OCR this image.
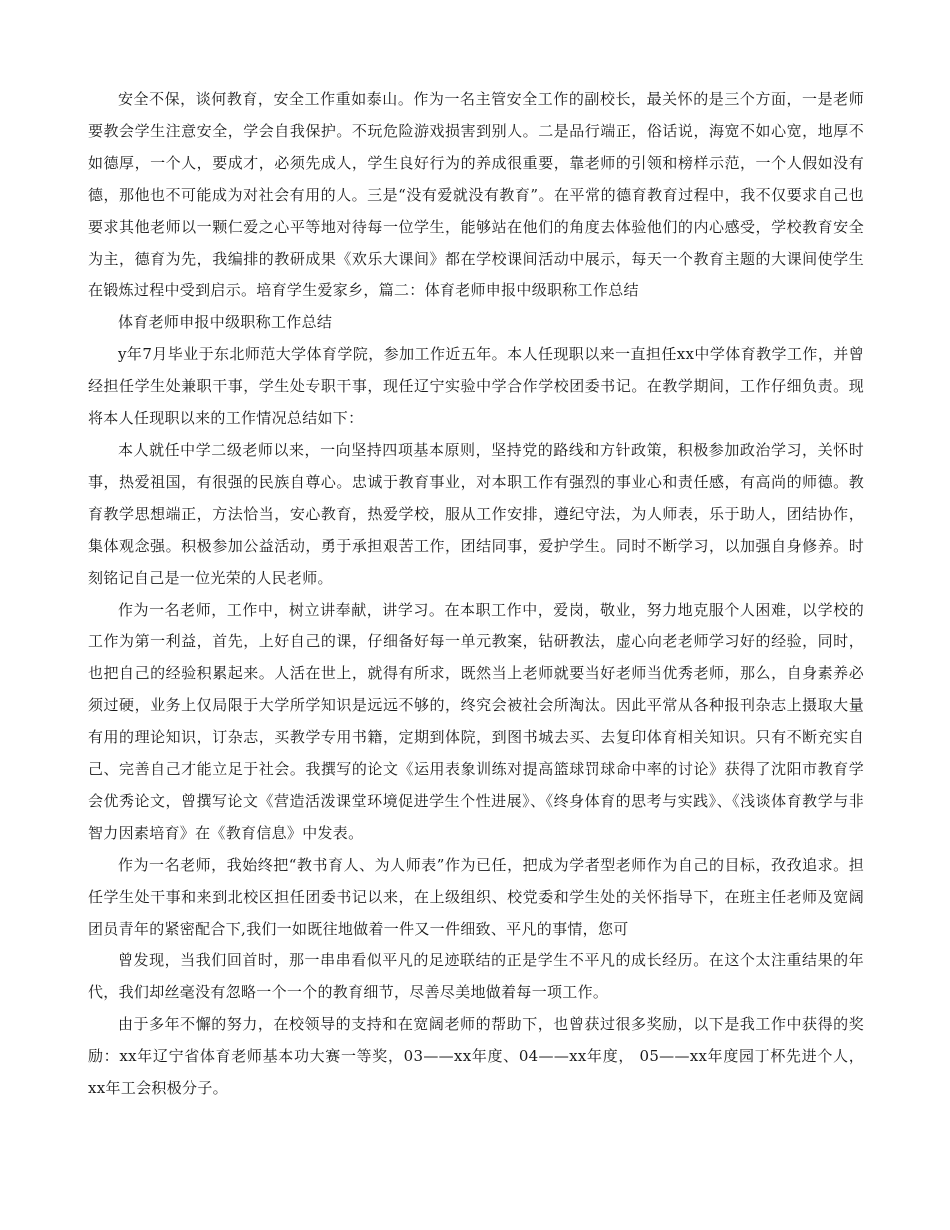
安全不保，谈何教育，安全工作重如泰山。作为一名主管安全工作的副校长，最关怀的是三个方面，一是老师要教会学生注意安全，学会自我保护。不玩危险游戏损害到别人。二是品行端正，俗话说，海宽不如心宽，地厚不如德厚，一个人，要成才，必须先成人，学生良好行为的养成很重要，靠老师的引领和榜样示范，一个人假如没有德，那他也不可能成为对社会有用的人。三是“没有爱就没有教育”。在平常的德育教育过程中，我不仅要求自己也要求其他老师以一颗仁爱之心平等地对待每一位学生，能够站在他们的角度去体验他们的内心感受，学校教育安全为主，德育为先，我编排的教研成果《欢乐大课间》都在学校课间活动中展示，每天一个教育主题的大课间使学生在锻炼过程中受到启示。培育学生爱家乡，篇二：体育老师申报中级职称工作总结

体育老师申报中级职称工作总结

y年7月毕业于东北师范大学体育学院，参加工作近五年。本人任现职以来一直担任xx中学体育教学工作，并曾经担任学生处兼职干事，学生处专职干事，现任辽宁实验中学合作学校团委书记。在教学期间，工作仔细负责。现将本人任现职以来的工作情况总结如下：

本人就任中学二级老师以来，一向坚持四项基本原则，坚持党的路线和方针政策，积极参加政治学习，关怀时事，热爱祖国，有很强的民族自尊心。忠诚于教育事业，对本职工作有强烈的事业心和责任感，有高尚的师德。教育教学思想端正，方法恰当，安心教育，热爱学校，服从工作安排，遵纪守法，为人师表，乐于助人，团结协作，集体观念强。积极参加公益活动，勇于承担艰苦工作，团结同事，爱护学生。同时不断学习，以加强自身修养。时刻铭记自己是一位光荣的人民老师。

作为一名老师，工作中，树立讲奉献，讲学习。在本职工作中，爱岗，敬业，努力地克服个人困难，以学校的工作为第一利益，首先，上好自己的课，仔细备好每一单元教案，钻研教法，虚心向老老师学习好的经验，同时，也把自己的经验积累起来。人活在世上，就得有所求，既然当上老师就要当好老师当优秀老师，那么，自身素养必须过硬，业务上仅局限于大学所学知识是远远不够的，终究会被社会所淘汰。因此平常从各种报刊杂志上摄取大量有用的理论知识，订杂志，买教学专用书籍，定期到体院，到图书城去买、去复印体育相关知识。只有不断充实自己、完善自己才能立足于社会。我撰写的论文《运用表象训练对提高篮球罚球命中率的讨论》获得了沈阳市教育学会优秀论文，曾撰写论文《营造活泼课堂环境促进学生个性进展》、《终身体育的思考与实践》、《浅谈体育教学与非智力因素培育》在《教育信息》中发表。

作为一名老师，我始终把“教书育人、为人师表”作为已任，把成为学者型老师作为自己的目标，孜孜追求。担任学生处干事和来到北校区担任团委书记以来，在上级组织、校党委和学生处的关怀指导下，在班主任老师及宽阔团员青年的紧密配合下,我们一如既往地做着一件又一件细致、平凡的事情，您可

曾发现，当我们回首时，那一串串看似平凡的足迹联结的正是学生不平凡的成长经历。在这个太注重结果的年代，我们却丝毫没有忽略一个一个的教育细节，尽善尽美地做着每一项工作。

由于多年不懈的努力，在校领导的支持和在宽阔老师的帮助下，也曾获过很多奖励，以下是我工作中获得的奖励：xx年辽宁省体育老师基本功大赛一等奖，03——xx年度、04——xx年度， 05——xx年度园丁杯先进个人，xx年工会积极分子。
